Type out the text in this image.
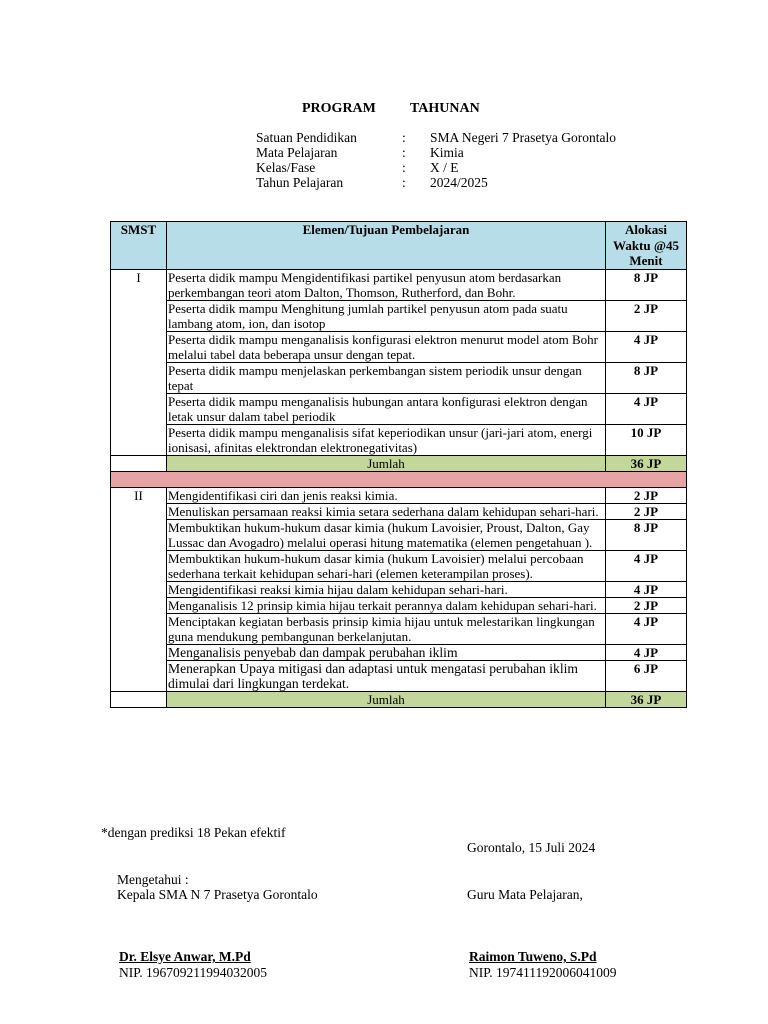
PROGRAM TAHUNAN
Satuan Pendidikan	: SMA Negeri 7 Prasetya Gorontalo
Mata Pelajaran	: Kimia
Kelas/Fase	: X / E
Tahun Pelajaran	: 2024/2025
SMST	Elemen/Tujuan Pembelajaran	Alokasi Waktu @45 Menit
I	Peserta didik mampu Mengidentifikasi partikel penyusun atom berdasarkan perkembangan teori atom Dalton, Thomson, Rutherford, dan Bohr.	8 JP
	Peserta didik mampu Menghitung jumlah partikel penyusun atom pada suatu lambang atom, ion, dan isotop	2 JP
	Peserta didik mampu menganalisis konfigurasi elektron menurut model atom Bohr melalui tabel data beberapa unsur dengan tepat.	4 JP
	Peserta didik mampu menjelaskan perkembangan sistem periodik unsur dengan tepat	8 JP
	Peserta didik mampu menganalisis hubungan antara konfigurasi elektron dengan letak unsur dalam tabel periodik	4 JP
	Peserta didik mampu menganalisis sifat keperiodikan unsur (jari-jari atom, energi ionisasi, afinitas elektrondan elektronegativitas)	10 JP
	Jumlah	36 JP

II	Mengidentifikasi ciri dan jenis reaksi kimia.	2 JP
	Menuliskan persamaan reaksi kimia setara sederhana dalam kehidupan sehari-hari.	2 JP
	Membuktikan hukum-hukum dasar kimia (hukum Lavoisier, Proust, Dalton, Gay Lussac dan Avogadro) melalui operasi hitung matematika (elemen pengetahuan ).	8 JP
	Membuktikan hukum-hukum dasar kimia (hukum Lavoisier) melalui percobaan sederhana terkait kehidupan sehari-hari (elemen keterampilan proses).	4 JP
	Mengidentifikasi reaksi kimia hijau dalam kehidupan sehari-hari.	4 JP
	Menganalisis 12 prinsip kimia hijau terkait perannya dalam kehidupan sehari-hari.	2 JP
	Menciptakan kegiatan berbasis prinsip kimia hijau untuk melestarikan lingkungan guna mendukung pembangunan berkelanjutan.	4 JP
	Menganalisis penyebab dan dampak perubahan iklim	4 JP
	Menerapkan Upaya mitigasi dan adaptasi untuk mengatasi perubahan iklim dimulai dari lingkungan terdekat.	6 JP
	Jumlah	36 JP
*dengan prediksi 18 Pekan efektif
Gorontalo, 15 Juli 2024
Mengetahui :
Kepala SMA N 7 Prasetya Gorontalo	Guru Mata Pelajaran,
Dr. Elsye Anwar, M.Pd
NIP. 196709211994032005
Raimon Tuweno, S.Pd
NIP. 197411192006041009
